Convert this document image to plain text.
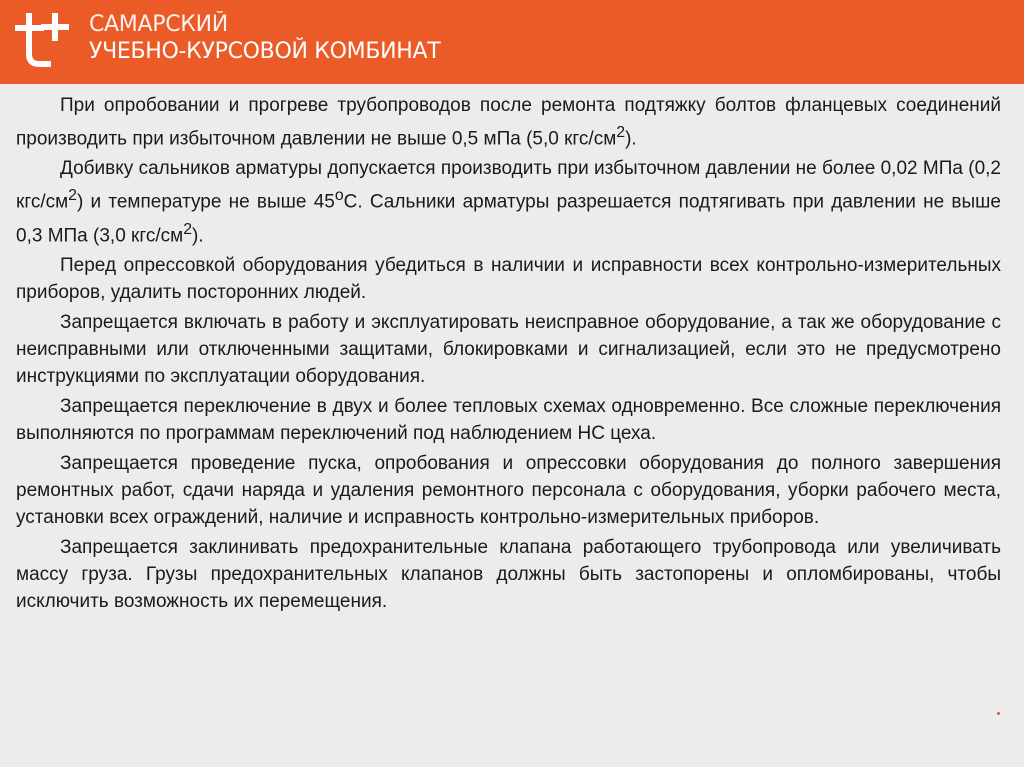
САМАРСКИЙ
УЧЕБНО-КУРСОВОЙ КОМБИНАТ

При опробовании и прогреве трубопроводов после ремонта подтяжку болтов фланцевых соединений производить при избыточном давлении не выше 0,5 мПа (5,0 кгс/$см^2$).

Добивку сальников арматуры допускается производить при избыточном давлении не более 0,02 МПа (0,2 кгс/$см^2$) и температуре не выше $45^оС$. Сальники арматуры разрешается подтягивать при давлении не выше 0,3 МПа (3,0 кгс/$см^2$).

Перед опрессовкой оборудования убедиться в наличии и исправности всех контрольно-измерительных приборов, удалить посторонних людей.

Запрещается включать в работу и эксплуатировать неисправное оборудование, а так же оборудование с неисправными или отключенными защитами, блокировками и сигнализацией, если это не предусмотрено инструкциями по эксплуатации оборудования.

Запрещается переключение в двух и более тепловых схемах одновременно. Все сложные переключения выполняются по программам переключений под наблюдением НС цеха.

Запрещается проведение пуска, опробования и опрессовки оборудования до полного завершения ремонтных работ, сдачи наряда и удаления ремонтного персонала с оборудования, уборки рабочего места, установки всех ограждений, наличие и исправность контрольно-измерительных приборов.

Запрещается заклинивать предохранительные клапана работающего трубопровода или увеличивать массу груза. Грузы предохранительных клапанов должны быть застопорены и опломбированы, чтобы исключить возможность их перемещения.
